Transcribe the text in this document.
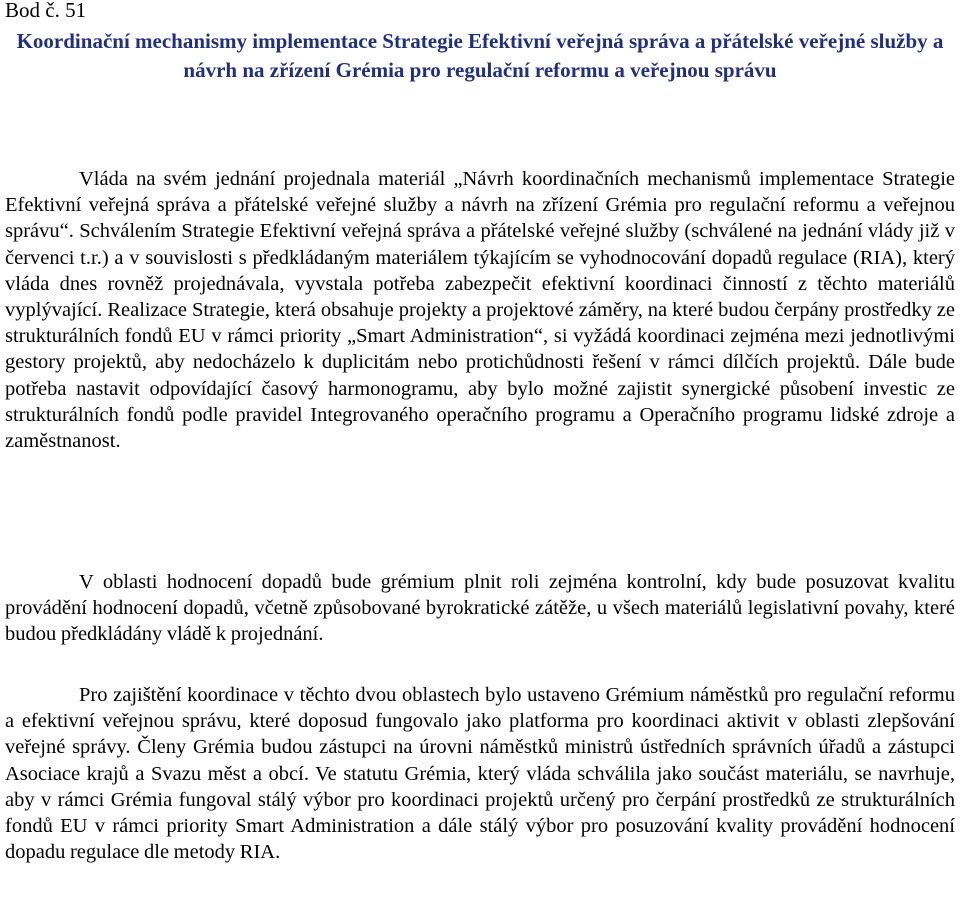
Bod č. 51
Koordinační mechanismy implementace Strategie Efektivní veřejná správa a přátelské veřejné služby a návrh na zřízení Grémia pro regulační reformu a veřejnou správu

Vláda na svém jednání projednala materiál „Návrh koordinačních mechanismů implementace Strategie Efektivní veřejná správa a přátelské veřejné služby a návrh na zřízení Grémia pro regulační reformu a veřejnou správu“. Schválením Strategie Efektivní veřejná správa a přátelské veřejné služby (schválené na jednání vlády již v červenci t.r.) a v souvislosti s předkládaným materiálem týkajícím se vyhodnocování dopadů regulace (RIA), který vláda dnes rovněž projednávala, vyvstala potřeba zabezpečit efektivní koordinaci činností z těchto materiálů vyplývající. Realizace Strategie, která obsahuje projekty a projektové záměry, na které budou čerpány prostředky ze strukturálních fondů EU v rámci priority „Smart Administration“, si vyžádá koordinaci zejména mezi jednotlivými gestory projektů, aby nedocházelo k duplicitám nebo protichůdnosti řešení v rámci dílčích projektů. Dále bude potřeba nastavit odpovídající časový harmonogramu, aby bylo možné zajistit synergické působení investic ze strukturálních fondů podle pravidel Integrovaného operačního programu a Operačního programu lidské zdroje a zaměstnanost.

V oblasti hodnocení dopadů bude grémium plnit roli zejména kontrolní, kdy bude posuzovat kvalitu provádění hodnocení dopadů, včetně způsobované byrokratické zátěže, u všech materiálů legislativní povahy, které budou předkládány vládě k projednání.

Pro zajištění koordinace v těchto dvou oblastech bylo ustaveno Grémium náměstků pro regulační reformu a efektivní veřejnou správu, které doposud fungovalo jako platforma pro koordinaci aktivit v oblasti zlepšování veřejné správy. Členy Grémia budou zástupci na úrovni náměstků ministrů ústředních správních úřadů a zástupci Asociace krajů a Svazu měst a obcí. Ve statutu Grémia, který vláda schválila jako součást materiálu, se navrhuje, aby v rámci Grémia fungoval stálý výbor pro koordinaci projektů určený pro čerpání prostředků ze strukturálních fondů EU v rámci priority Smart Administration a dále stálý výbor pro posuzování kvality provádění hodnocení dopadu regulace dle metody RIA.
